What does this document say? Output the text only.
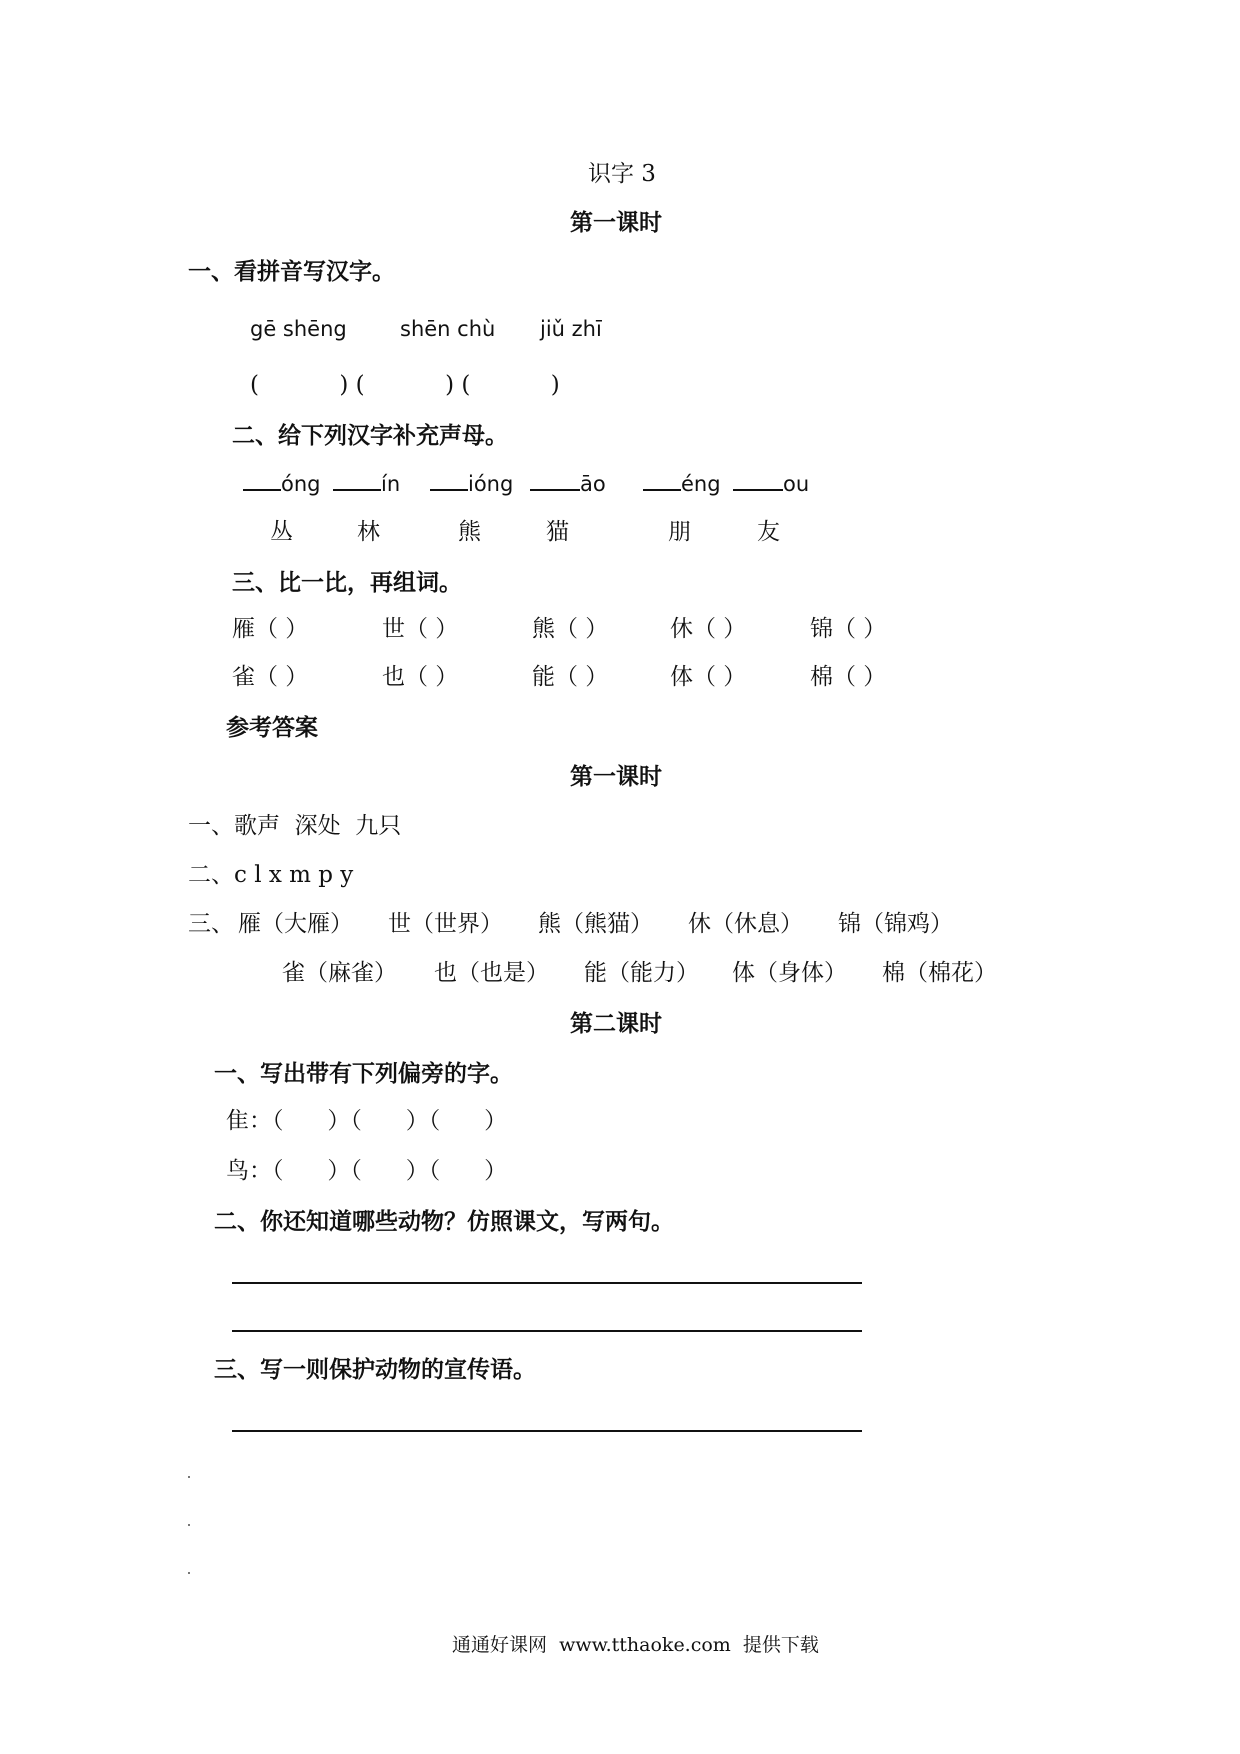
识字 3
第一课时
一、看拼音写汉字。
gē shēng	shēn chù jiǔ zhī
(           ) (           ) (           )
二、给下列汉字补充声母。
óng	ín	ióng	āo	éng	ou
丛	林	熊	猫	朋	友
三、比一比，再组词。
雁（ ）	世（ ）	熊（ ）	休（ ）	锦（ ）
雀（ ）	也（ ）	能（ ）	体（ ）	棉（ ）
参考答案
第一课时
一、歌声  深处  九只
二、c l x m p y
三、 雁（大雁） 世（世界） 熊（熊猫） 休（休息） 锦（锦鸡）
雀（麻雀） 也（也是） 能（能力） 体（身体） 棉（棉花）
第二课时
一、写出带有下列偏旁的字。
隹：（      ）（      ）（      ）
鸟：（      ）（      ）（      ）
二、你还知道哪些动物？仿照课文，写两句。
三、写一则保护动物的宣传语。
通通好课网  www.tthaoke.com  提供下载
